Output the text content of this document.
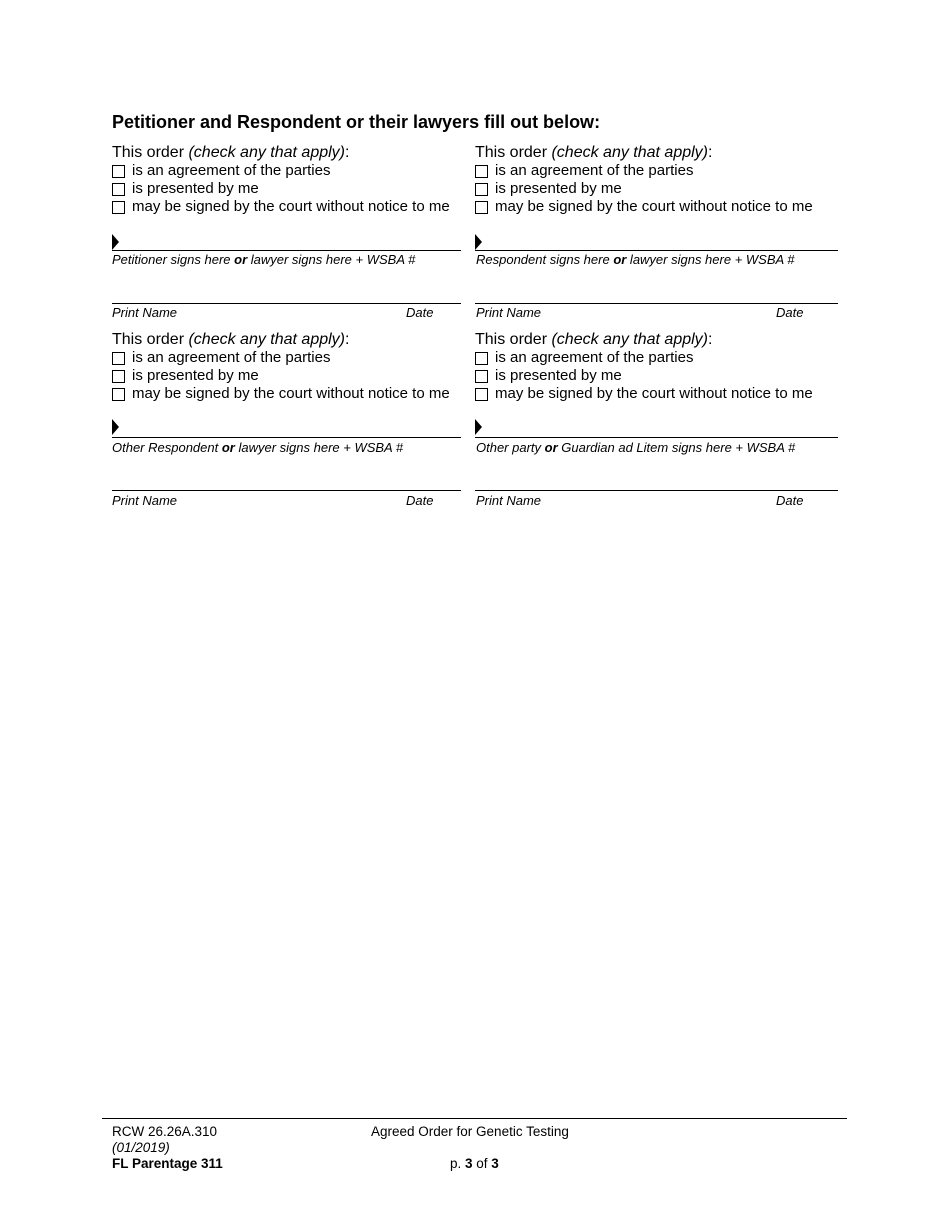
Petitioner and Respondent or their lawyers fill out below:
This order (check any that apply):
is an agreement of the parties
is presented by me
may be signed by the court without notice to me
This order (check any that apply):
is an agreement of the parties
is presented by me
may be signed by the court without notice to me
Petitioner signs here or lawyer signs here + WSBA #	Respondent signs here or lawyer signs here + WSBA #
Print Name	Date	Print Name	Date
This order (check any that apply):
is an agreement of the parties
is presented by me
may be signed by the court without notice to me
This order (check any that apply):
is an agreement of the parties
is presented by me
may be signed by the court without notice to me
Other Respondent or lawyer signs here + WSBA #	Other party or Guardian ad Litem signs here + WSBA #
Print Name	Date	Print Name	Date
RCW 26.26A.310
(01/2019)
FL Parentage 311
Agreed Order for Genetic Testing
p. 3 of 3
